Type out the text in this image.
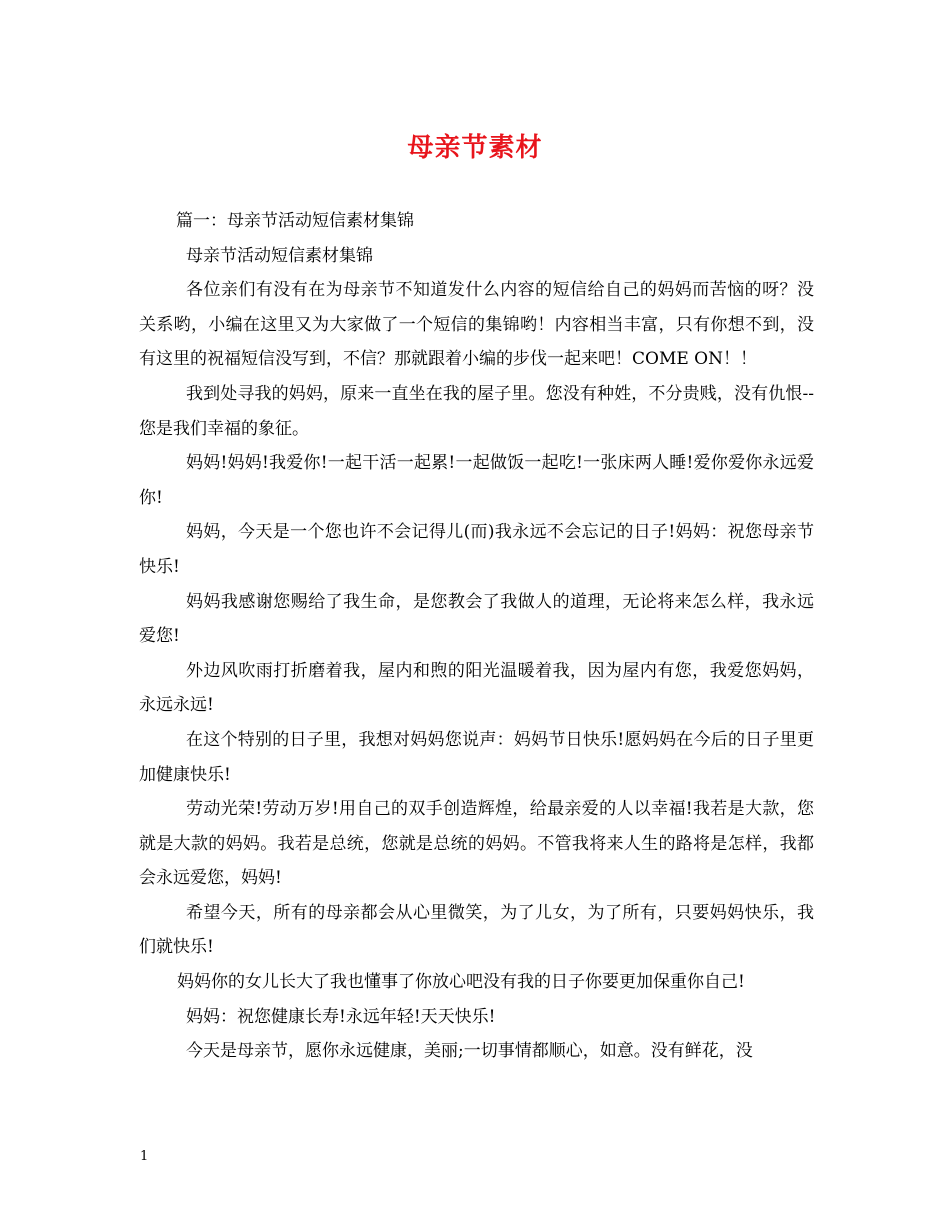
母亲节素材

篇一：母亲节活动短信素材集锦

母亲节活动短信素材集锦

各位亲们有没有在为母亲节不知道发什么内容的短信给自己的妈妈而苦恼的呀？没关系哟，小编在这里又为大家做了一个短信的集锦哟！内容相当丰富，只有你想不到，没有这里的祝福短信没写到，不信？那就跟着小编的步伐一起来吧！COME ON！！

我到处寻我的妈妈，原来一直坐在我的屋子里。您没有种姓，不分贵贱，没有仇恨--您是我们幸福的象征。

妈妈!妈妈!我爱你!一起干活一起累!一起做饭一起吃!一张床两人睡!爱你爱你永远爱你!

妈妈，今天是一个您也许不会记得儿(而)我永远不会忘记的日子!妈妈：祝您母亲节快乐!

妈妈我感谢您赐给了我生命，是您教会了我做人的道理，无论将来怎么样，我永远爱您!

外边风吹雨打折磨着我，屋内和煦的阳光温暖着我，因为屋内有您，我爱您妈妈，永远永远!

在这个特别的日子里，我想对妈妈您说声：妈妈节日快乐!愿妈妈在今后的日子里更加健康快乐!

劳动光荣!劳动万岁!用自己的双手创造辉煌，给最亲爱的人以幸福!我若是大款，您就是大款的妈妈。我若是总统，您就是总统的妈妈。不管我将来人生的路将是怎样，我都会永远爱您，妈妈!

希望今天，所有的母亲都会从心里微笑，为了儿女，为了所有，只要妈妈快乐，我们就快乐!

妈妈你的女儿长大了我也懂事了你放心吧没有我的日子你要更加保重你自己!

妈妈：祝您健康长寿!永远年轻!天天快乐!

今天是母亲节，愿你永远健康，美丽;一切事情都顺心，如意。没有鲜花，没

1
